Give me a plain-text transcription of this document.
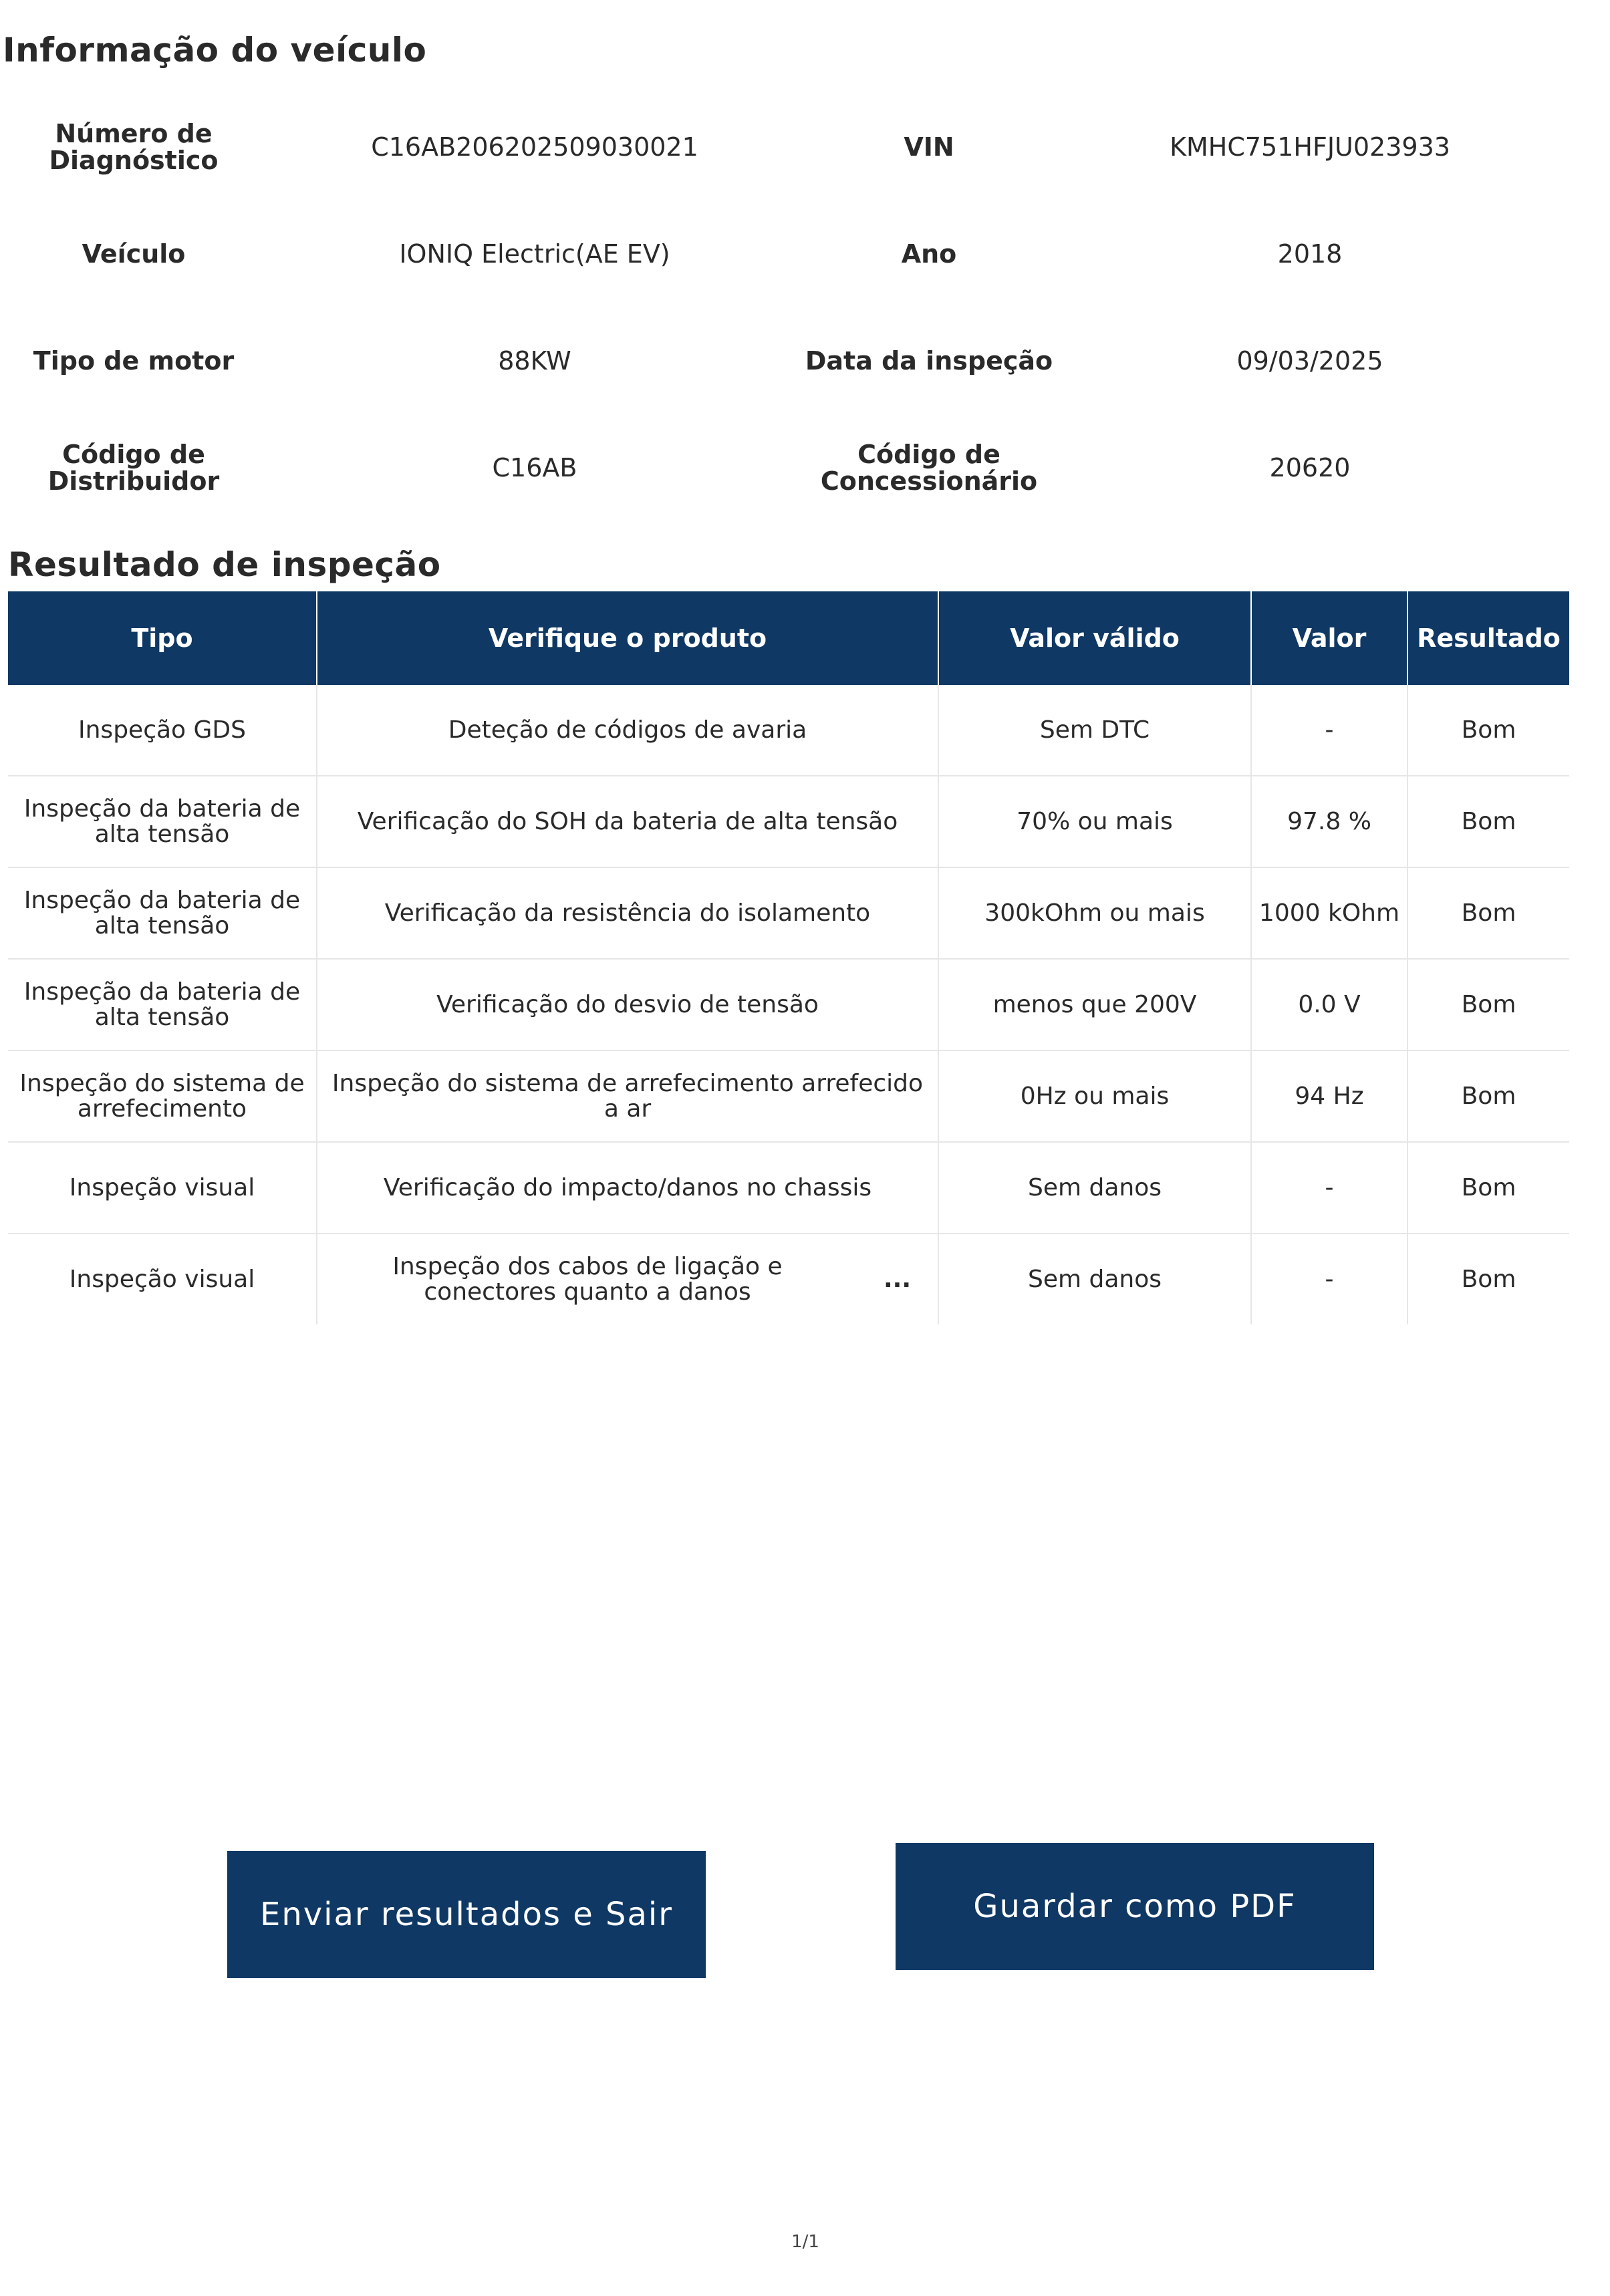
Informação do veículo
Número de Diagnóstico	C16AB206202509030021	VIN	KMHC751HFJU023933
Veículo	IONIQ Electric(AE EV)	Ano	2018
Tipo de motor	88KW	Data da inspeção	09/03/2025
Código de Distribuidor	C16AB	Código de Concessionário	20620
Resultado de inspeção
Tipo	Verifique o produto	Valor válido	Valor	Resultado
Inspeção GDS	Deteção de códigos de avaria	Sem DTC	-	Bom
Inspeção da bateria de alta tensão	Verificação do SOH da bateria de alta tensão	70% ou mais	97.8 %	Bom
Inspeção da bateria de alta tensão	Verificação da resistência do isolamento	300kOhm ou mais	1000 kOhm	Bom
Inspeção da bateria de alta tensão	Verificação do desvio de tensão	menos que 200V	0.0 V	Bom
Inspeção do sistema de arrefecimento	Inspeção do sistema de arrefecimento arrefecido a ar	0Hz ou mais	94 Hz	Bom
Inspeção visual	Verificação do impacto/danos no chassis	Sem danos	-	Bom
Inspeção visual	Inspeção dos cabos de ligação e conectores quanto a danos ...	Sem danos	-	Bom
Enviar resultados e Sair	Guardar como PDF
1/1
